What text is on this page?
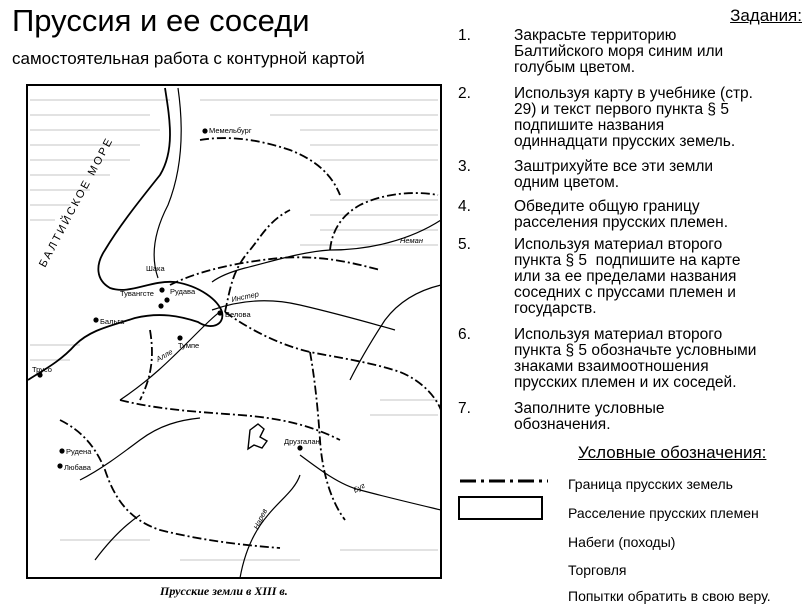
Пруссия и ее соседи
самостоятельная работа с контурной картой
Мемельбург
Шака
Рудава
Тувангсте
Бальга
Велова
Тумпе
Трусо
Рудена
Любава
Друзгалан
Неман
Инстер
Алле
Буг
Нарев
БАЛТИЙСКОЕ МОРЕ
Прусские земли в XIII в.
Задания:
1.	Закрасьте территорию
Балтийского моря синим или
голубым цветом.
2.	Используя карту в учебнике (стр.
29) и текст первого пункта § 5
подпишите названия
одиннадцати прусских земель.
3.	Заштрихуйте все эти земли
одним цветом.
4.	Обведите общую границу
расселения прусских племен.
5.	Используя материал второго
пункта § 5  подпишите на карте
или за ее пределами названия
соседних с пруссами племен и
государств.
6.	Используя материал второго
пункта § 5 обозначьте условными
знаками взаимоотношения
прусских племен и их соседей.
7.	Заполните условные
обозначения.
Условные обозначения:
Граница прусских земель
Расселение прусских племен
Набеги (походы)
Торговля
Попытки обратить в свою веру.
